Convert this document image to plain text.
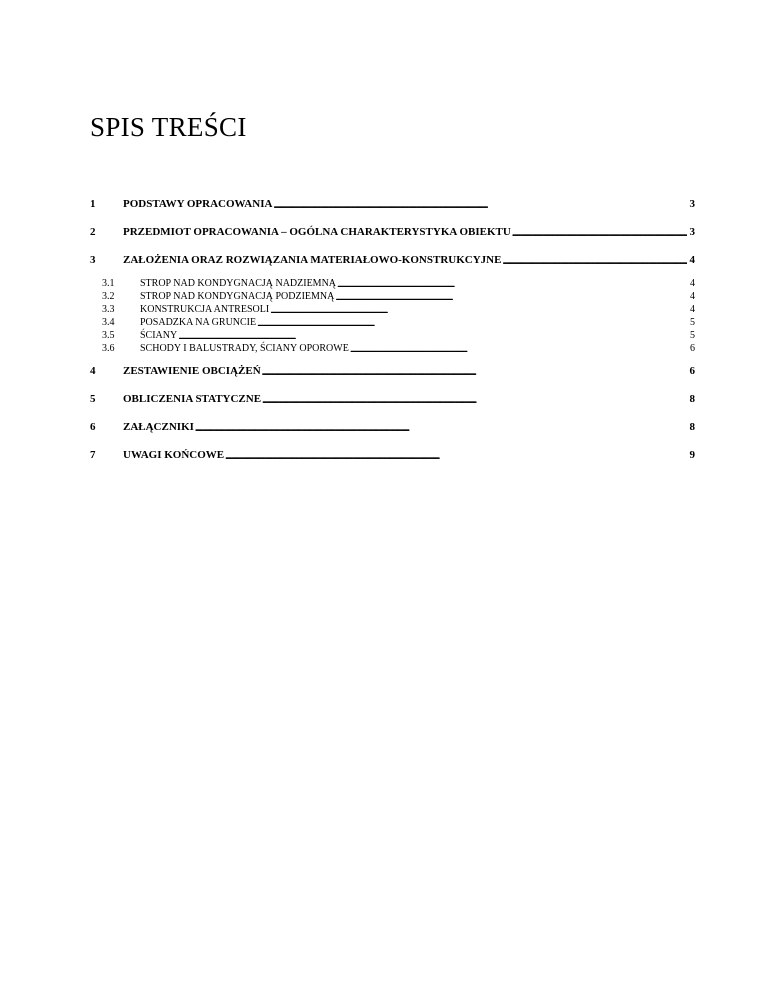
SPIS TREŚCI
1	PODSTAWY OPRACOWANIA . . .	3
2	PRZEDMIOT OPRACOWANIA – OGÓLNA CHARAKTERYSTYKA OBIEKTU . . .	3
3	ZAŁOŻENIA ORAZ ROZWIĄZANIA MATERIAŁOWO-KONSTRUKCYJNE . . .	4
3.1	STROP NAD KONDYGNACJĄ NADZIEMNĄ . . .	4
3.2	STROP NAD KONDYGNACJĄ PODZIEMNĄ . . .	4
3.3	KONSTRUKCJA ANTRESOLI . . .	4
3.4	POSADZKA NA GRUNCIE . . .	5
3.5	ŚCIANY . . .	5
3.6	SCHODY I BALUSTRADY, ŚCIANY OPOROWE . . .	6
4	ZESTAWIENIE OBCIĄŻEŃ . . .	6
5	OBLICZENIA STATYCZNE . . .	8
6	ZAŁĄCZNIKI . . .	8
7	UWAGI KOŃCOWE . . .	9
